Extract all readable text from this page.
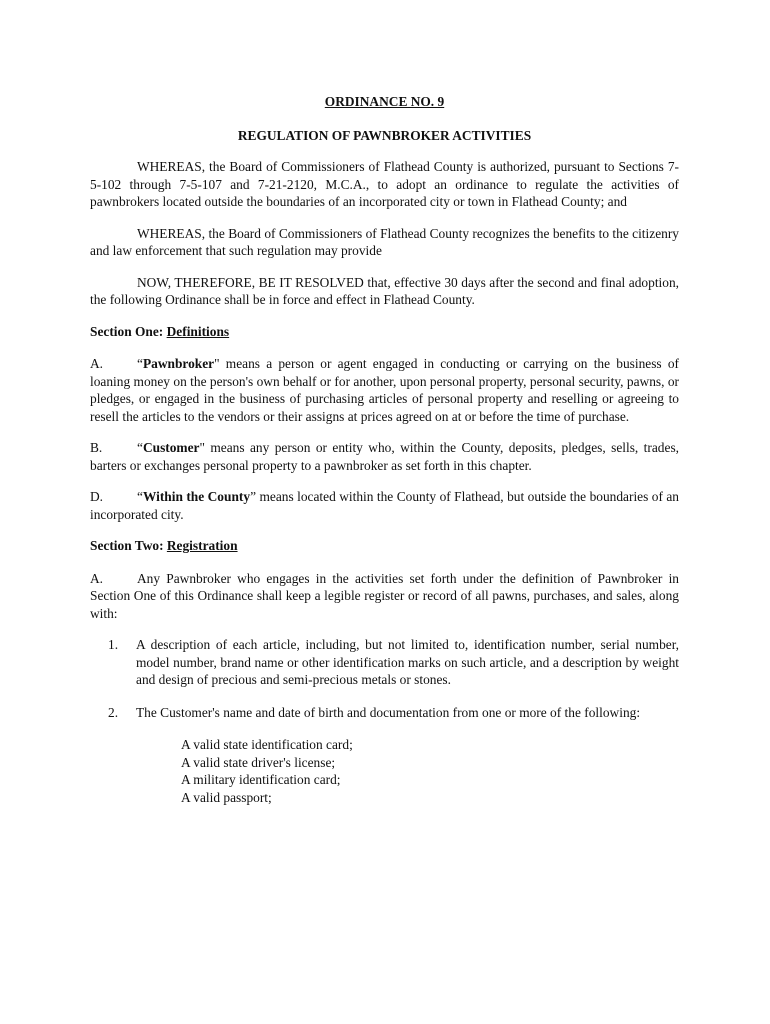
ORDINANCE NO. 9
REGULATION OF PAWNBROKER ACTIVITIES

WHEREAS, the Board of Commissioners of Flathead County is authorized, pursuant to Sections 7-5-102 through 7-5-107 and 7-21-2120, M.C.A., to adopt an ordinance to regulate the activities of pawnbrokers located outside the boundaries of an incorporated city or town in Flathead County; and

WHEREAS, the Board of Commissioners of Flathead County recognizes the benefits to the citizenry and law enforcement that such regulation may provide

NOW, THEREFORE, BE IT RESOLVED that, effective 30 days after the second and final adoption, the following Ordinance shall be in force and effect in Flathead County.

Section One: Definitions
A.	“Pawnbroker" means a person or agent engaged in conducting or carrying on the business of loaning money on the person's own behalf or for another, upon personal property, personal security, pawns, or pledges, or engaged in the business of purchasing articles of personal property and reselling or agreeing to resell the articles to the vendors or their assigns at prices agreed on at or before the time of purchase.
B.	“Customer" means any person or entity who, within the County, deposits, pledges, sells, trades, barters or exchanges personal property to a pawnbroker as set forth in this chapter.
D.	“Within the County” means located within the County of Flathead, but outside the boundaries of an incorporated city.
Section Two: Registration
A.	Any Pawnbroker who engages in the activities set forth under the definition of Pawnbroker in Section One of this Ordinance shall keep a legible register or record of all pawns, purchases, and sales, along with:
1.	A description of each article, including, but not limited to, identification number, serial number, model number, brand name or other identification marks on such article, and a description by weight and design of precious and semi-precious metals or stones.
2.	The Customer's name and date of birth and documentation from one or more of the following:
A valid state identification card;
A valid state driver's license;
A military identification card;
A valid passport;
